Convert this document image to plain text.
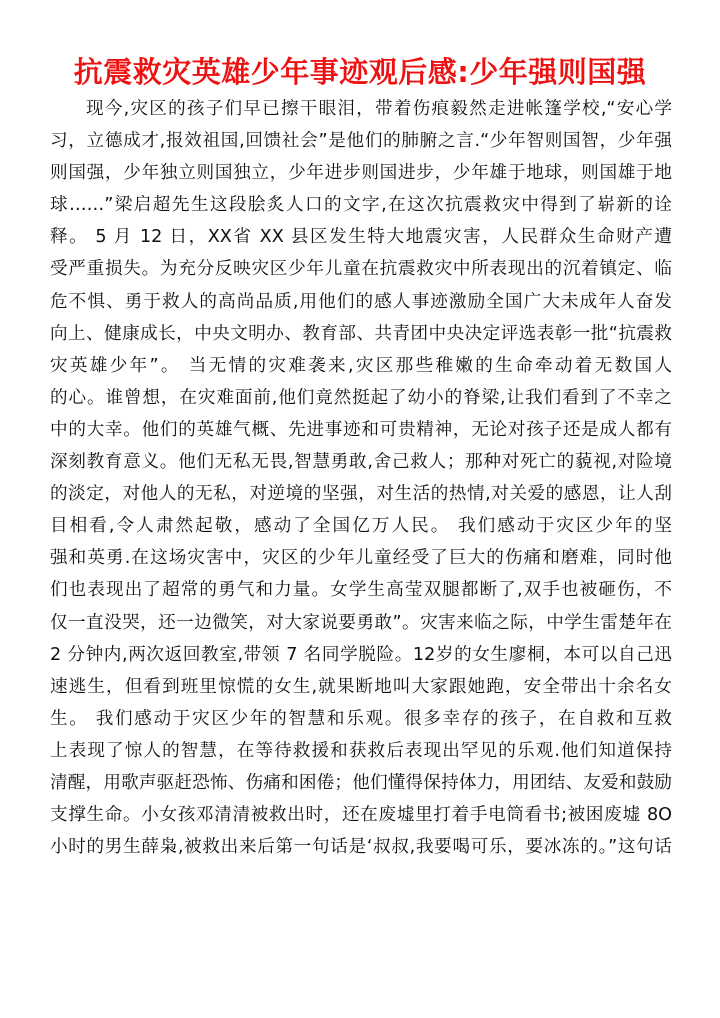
抗震救灾英雄少年事迹观后感:少年强则国强
现今,灾区的孩子们早已擦干眼泪，带着伤痕毅然走进帐篷学校,“安心学
习，立德成才,报效祖国,回馈社会”是他们的肺腑之言.“少年智则国智，少年强
则国强，少年独立则国独立，少年进步则国进步，少年雄于地球，则国雄于地
球……”梁启超先生这段脍炙人口的文字,在这次抗震救灾中得到了崭新的诠
释。 5 月 12 日，XX省 XX 县区发生特大地震灾害，人民群众生命财产遭
受严重损失。为充分反映灾区少年儿童在抗震救灾中所表现出的沉着镇定、临
危不惧、勇于救人的高尚品质,用他们的感人事迹激励全国广大未成年人奋发
向上、健康成长，中央文明办、教育部、共青团中央决定评选表彰一批“抗震救
灾英雄少年”。 当无情的灾难袭来,灾区那些稚嫩的生命牵动着无数国人
的心。谁曾想，在灾难面前,他们竟然挺起了幼小的脊梁,让我们看到了不幸之
中的大幸。他们的英雄气概、先进事迹和可贵精神，无论对孩子还是成人都有
深刻教育意义。他们无私无畏,智慧勇敢,舍己救人；那种对死亡的藐视,对险境
的淡定，对他人的无私，对逆境的坚强，对生活的热情,对关爱的感恩，让人刮
目相看,令人肃然起敬，感动了全国亿万人民。 我们感动于灾区少年的坚
强和英勇.在这场灾害中，灾区的少年儿童经受了巨大的伤痛和磨难，同时他
们也表现出了超常的勇气和力量。女学生高莹双腿都断了,双手也被砸伤，不
仅一直没哭，还一边微笑，对大家说要勇敢”。灾害来临之际，中学生雷楚年在
2 分钟内,两次返回教室,带领 7 名同学脱险。12岁的女生廖桐，本可以自己迅
速逃生，但看到班里惊慌的女生,就果断地叫大家跟她跑，安全带出十余名女
生。 我们感动于灾区少年的智慧和乐观。很多幸存的孩子，在自救和互救
上表现了惊人的智慧，在等待救援和获救后表现出罕见的乐观.他们知道保持
清醒，用歌声驱赶恐怖、伤痛和困倦；他们懂得保持体力，用团结、友爱和鼓励
支撑生命。小女孩邓清清被救出时，还在废墟里打着手电筒看书;被困废墟 8O
小时的男生薛枭,被救出来后第一句话是‘叔叔,我要喝可乐，要冰冻的。”这句话
